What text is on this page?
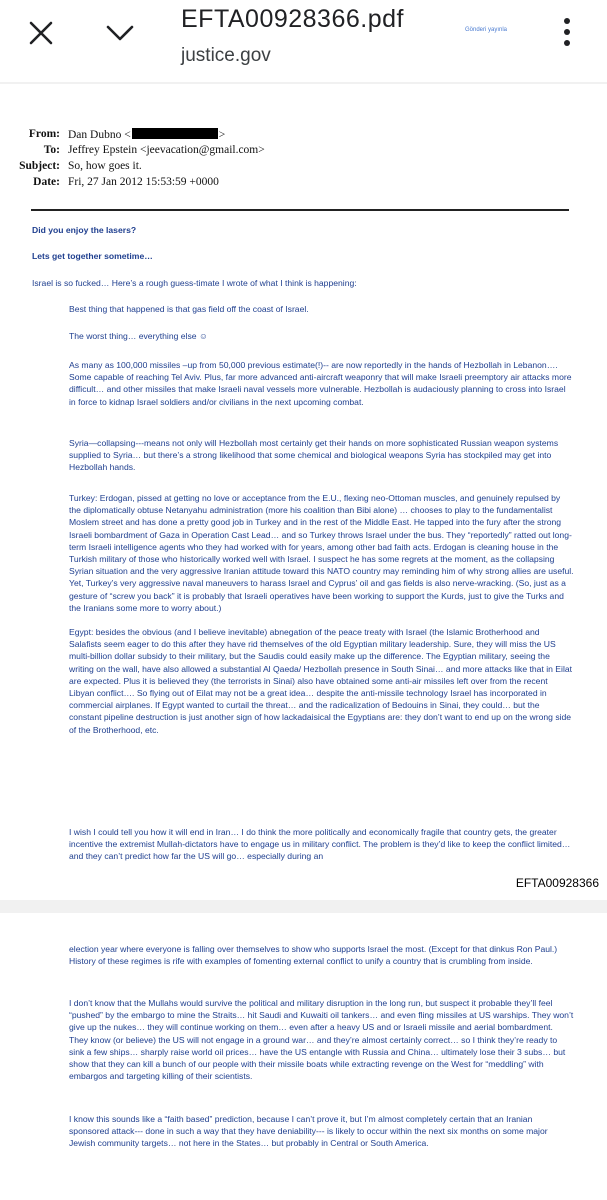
EFTA00928366.pdf
justice.gov
Gönderi yayınla
From: Dan Dubno <	>
To: Jeffrey Epstein <jeevacation@gmail.com>
Subject: So, how goes it.
Date: Fri, 27 Jan 2012 15:53:59 +0000
Did you enjoy the lasers?
Lets get together sometime…
Israel is so fucked… Here’s a rough guess-timate I wrote of what I think is happening:

Best thing that happened is that gas field off the coast of Israel.

The worst thing… everything else ☺

As many as 100,000 missiles –up from 50,000 previous estimate(!)-- are now reportedly in the hands of Hezbollah in Lebanon…. Some capable of reaching Tel Aviv. Plus, far more advanced anti-aircraft weaponry that will make Israeli preemptory air attacks more difficult… and other missiles that make Israeli naval vessels more vulnerable. Hezbollah is audaciously planning to cross into Israel in force to kidnap Israel soldiers and/or civilians in the next upcoming combat.

Syria—collapsing---means not only will Hezbollah most certainly get their hands on more sophisticated Russian weapon systems supplied to Syria… but there’s a strong likelihood that some chemical and biological weapons Syria has stockpiled may get into Hezbollah hands.

Turkey: Erdogan, pissed at getting no love or acceptance from the E.U., flexing neo-Ottoman muscles, and genuinely repulsed by the diplomatically obtuse Netanyahu administration (more his coalition than Bibi alone) … chooses to play to the fundamentalist Moslem street and has done a pretty good job in Turkey and in the rest of the Middle East. He tapped into the fury after the strong Israeli bombardment of Gaza in Operation Cast Lead… and so Turkey throws Israel under the bus. They “reportedly” ratted out long-term Israeli intelligence agents who they had worked with for years, among other bad faith acts. Erdogan is cleaning house in the Turkish military of those who historically worked well with Israel. I suspect he has some regrets at the moment, as the collapsing Syrian situation and the very aggressive Iranian attitude toward this NATO country may reminding him of why strong allies are useful. Yet, Turkey’s very aggressive naval maneuvers to harass Israel and Cyprus’ oil and gas fields is also nerve-wracking. (So, just as a gesture of “screw you back” it is probably that Israeli operatives have been working to support the Kurds, just to give the Turks and the Iranians some more to worry about.)

Egypt: besides the obvious (and I believe inevitable) abnegation of the peace treaty with Israel (the Islamic Brotherhood and Salafists seem eager to do this after they have rid themselves of the old Egyptian military leadership. Sure, they will miss the US multi-billion dollar subsidy to their military, but the Saudis could easily make up the difference. The Egyptian military, seeing the writing on the wall, have also allowed a substantial Al Qaeda/ Hezbollah presence in South Sinai… and more attacks like that in Eilat are expected. Plus it is believed they (the terrorists in Sinai) also have obtained some anti-air missiles left over from the recent Libyan conflict…. So flying out of Eilat may not be a great idea… despite the anti-missile technology Israel has incorporated in commercial airplanes. If Egypt wanted to curtail the threat… and the radicalization of Bedouins in Sinai, they could… but the constant pipeline destruction is just another sign of how lackadaisical the Egyptians are: they don’t want to end up on the wrong side of the Brotherhood, etc.

I wish I could tell you how it will end in Iran… I do think the more politically and economically fragile that country gets, the greater incentive the extremist Mullah-dictators have to engage us in military conflict. The problem is they’d like to keep the conflict limited… and they can’t predict how far the US will go… especially during an

EFTA00928366

election year where everyone is falling over themselves to show who supports Israel the most. (Except for that dinkus Ron Paul.) History of these regimes is rife with examples of fomenting external conflict to unify a country that is crumbling from inside.

I don’t know that the Mullahs would survive the political and military disruption in the long run, but suspect it probable they’ll feel “pushed” by the embargo to mine the Straits… hit Saudi and Kuwaiti oil tankers… and even fling missiles at US warships. They won’t give up the nukes… they will continue working on them… even after a heavy US and or Israeli missile and aerial bombardment. They know (or believe) the US will not engage in a ground war… and they’re almost certainly correct… so I think they’re ready to sink a few ships… sharply raise world oil prices… have the US entangle with Russia and China… ultimately lose their 3 subs… but show that they can kill a bunch of our people with their missile boats while extracting revenge on the West for “meddling” with embargos and targeting killing of their scientists.

I know this sounds like a “faith based” prediction, because I can’t prove it, but I’m almost completely certain that an Iranian sponsored attack--- done in such a way that they have deniability--- is likely to occur within the next six months on some major Jewish community targets… not here in the States… but probably in Central or South America.
